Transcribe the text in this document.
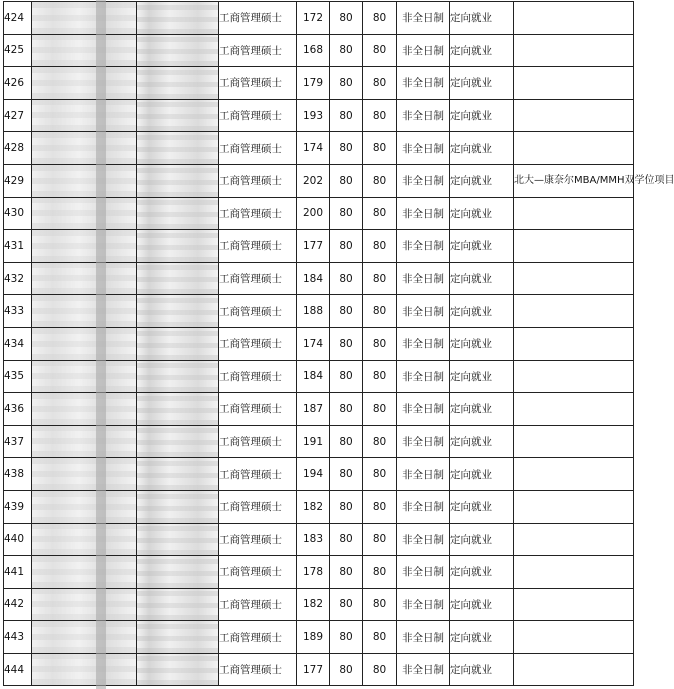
424			工商管理硕士	172	80	80	非全日制	定向就业	
425			工商管理硕士	168	80	80	非全日制	定向就业	
426			工商管理硕士	179	80	80	非全日制	定向就业	
427			工商管理硕士	193	80	80	非全日制	定向就业	
428			工商管理硕士	174	80	80	非全日制	定向就业	
429			工商管理硕士	202	80	80	非全日制	定向就业	北大—康奈尔MBA/MMH双学位项目
430			工商管理硕士	200	80	80	非全日制	定向就业	
431			工商管理硕士	177	80	80	非全日制	定向就业	
432			工商管理硕士	184	80	80	非全日制	定向就业	
433			工商管理硕士	188	80	80	非全日制	定向就业	
434			工商管理硕士	174	80	80	非全日制	定向就业	
435			工商管理硕士	184	80	80	非全日制	定向就业	
436			工商管理硕士	187	80	80	非全日制	定向就业	
437			工商管理硕士	191	80	80	非全日制	定向就业	
438			工商管理硕士	194	80	80	非全日制	定向就业	
439			工商管理硕士	182	80	80	非全日制	定向就业	
440			工商管理硕士	183	80	80	非全日制	定向就业	
441			工商管理硕士	178	80	80	非全日制	定向就业	
442			工商管理硕士	182	80	80	非全日制	定向就业	
443			工商管理硕士	189	80	80	非全日制	定向就业	
444			工商管理硕士	177	80	80	非全日制	定向就业	
